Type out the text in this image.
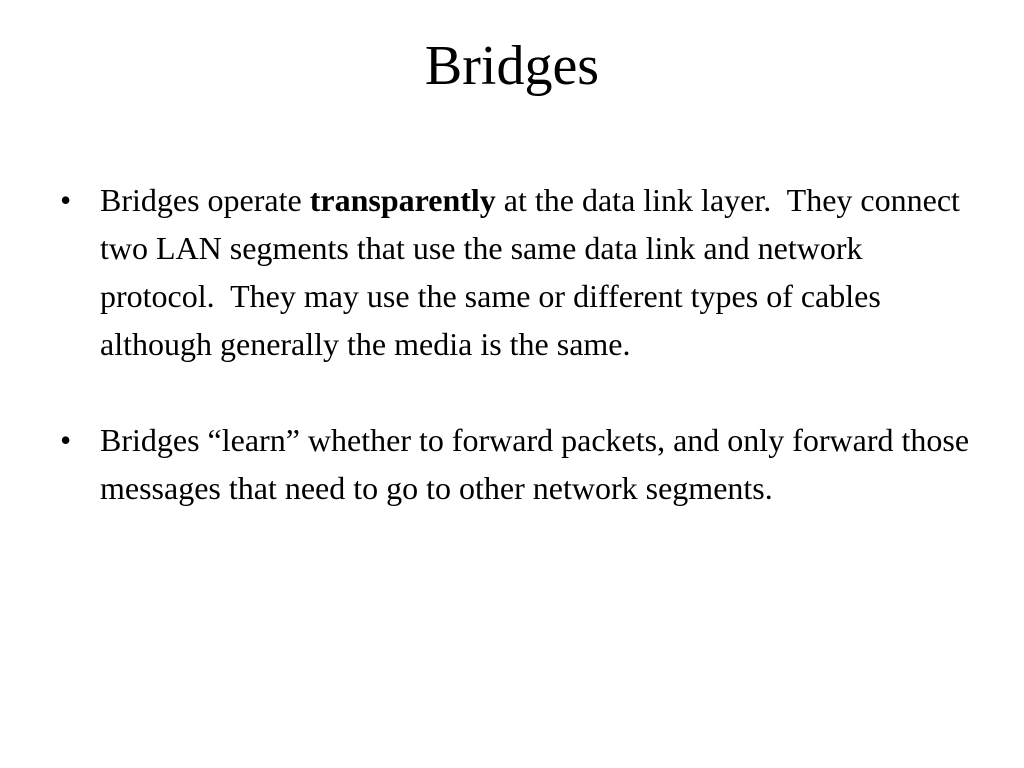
Bridges
• Bridges operate transparently at the data link layer.  They connect two LAN segments that use the same data link and network protocol.  They may use the same or different types of cables although generally the media is the same.
• Bridges “learn” whether to forward packets, and only forward those messages that need to go to other network segments.
